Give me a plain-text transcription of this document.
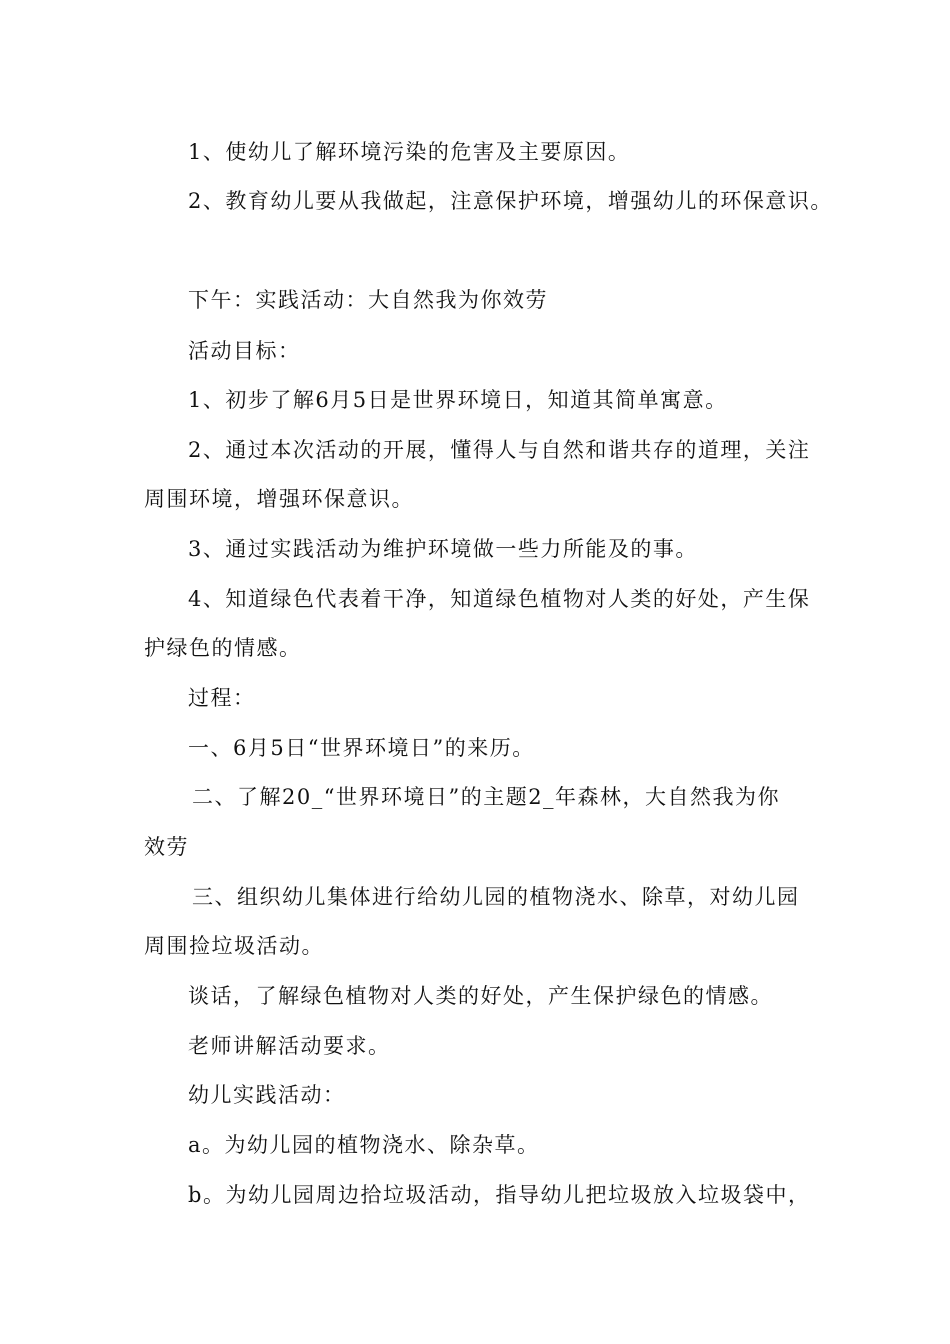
1、使幼儿了解环境污染的危害及主要原因。

2、教育幼儿要从我做起，注意保护环境，增强幼儿的环保意识。

下午：实践活动：大自然我为你效劳

活动目标：

1、初步了解6月5日是世界环境日，知道其简单寓意。

2、通过本次活动的开展，懂得人与自然和谐共存的道理，关注

周围环境，增强环保意识。

3、通过实践活动为维护环境做一些力所能及的事。

4、知道绿色代表着干净，知道绿色植物对人类的好处，产生保

护绿色的情感。

过程：

一、6月5日“世界环境日”的来历。

二、了解20_“世界环境日”的主题2_年森林，大自然我为你

效劳

三、组织幼儿集体进行给幼儿园的植物浇水、除草，对幼儿园

周围捡垃圾活动。

谈话，了解绿色植物对人类的好处，产生保护绿色的情感。

老师讲解活动要求。

幼儿实践活动：

a。为幼儿园的植物浇水、除杂草。

b。为幼儿园周边拾垃圾活动，指导幼儿把垃圾放入垃圾袋中，
